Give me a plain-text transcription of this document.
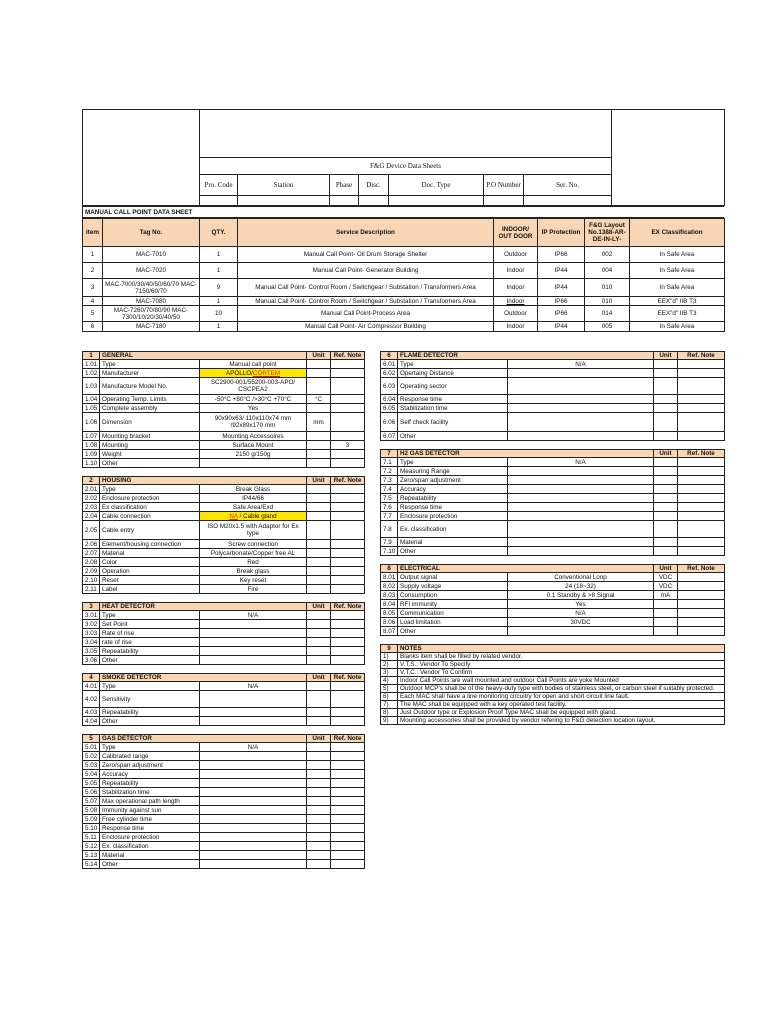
	F&G Device Data Sheets							
	Pro. Code	Station	Phase	Disc.	Doc. Type	P.O Number	Ser. No.	

MANUAL CALL POINT DATA SHEET
item	Tag No.	QTY.	Service Description	INDOOR/ OUT DOOR	IP Protection	F&G Layout No.1388-AR-DE-IN-LY-	EX Classification
1	MAC-7010	1	Manual Call Point- Oil Drum Storage Shelter	Outdoor	IP66	002	In Safe Area
2	MAC-7020	1	Manual Call Point- Generator Building	Indoor	IP44	004	In Safe Area
3	MAC-7000/30/40/50/60/70 MAC-7150/60/70	9	Manual Call Point- Control Room / Switchgear / Substation / Transformers Area	Indoor	IP44	010	In Safe Area
4	MAC-7080	1	Manual Call Point- Control Room / Switchgear / Substation / Transformers Area	Indoor	IP66	010	EEX"d" IIB T3
5	MAC-7260/70/80/90 MAC-7300/10/20/30/40/50	10	Manual Call Point-Process Area	Outdoor	IP66	014	EEX"d" IIB T3
6	MAC-7180	1	Manual Call Point- Air Compressor Building	Indoor	IP44	005	In Safe Area
1	GENERAL		Unit	Ref. Note
1.01	Type	Manual call point		
1.02	Manufacturer	APOLLO/CORTEM		
1.03	Manufacture Model No.	SC2900-001/55200-003-APO/ CSCPEA2		
1.04	Operating Temp. Limits	-50°C +80°C />30°C +70°C	°C	
1.05	Complete assembly	Yes		
1.06	Dimension	90x90x63/ 110x110x74 mm /92x89x170 mm	mm	
1.07	Mounting bracket	Mounting Accessoires		
1.08	Mounting	Surface Mount		3
1.09	Weight	2150 g/150g		
1.10	Other			

2	HOUSING		Unit	Ref. Note
2.01	Type	Break Glass		
2.02	Enclosure protection	IP44/66		
2.03	Ex classification	Safe Area/Exd		
2.04	Cable connection	NA / Cable gland		
2.05	Cable entry	ISO M20x1.5 with Adaptor for Ex type		
2.06	Element/housing connection	Screw connection		
2.07	Material	Polycarbonate/Copper free AL		
2.08	Color	Red		
2.09	Operation	Break glass		
2.10	Reset	Key reset		
2.11	Label	Fire		

3	HEAT DETECTOR		Unit	Ref. Note
3.01	Type	N/A		
3.02	Set Point			
3.03	Rate of rise			
3.04	rate of rise			
3.05	Repeatability			
3.06	Other			

4	SMOKE DETECTOR		Unit	Ref. Note
4.01	Type	N/A		
4.02	Sensitivity			
4.03	Repeatability			
4.04	Other			

5	GAS DETECTOR		Unit	Ref. Note
5.01	Type	N/A		
5.02	Calibrated range			
5.03	Zero/span adjustment			
5.04	Accuracy			
5.05	Repeatability			
5.06	Stabilization time			
5.07	Max operational path length			
5.08	Immunity against sun			
5.09	Free cylinder time			
5.10	Response time			
5.11	Enclosure protection			
5.12	Ex. classification			
5.13	Material			
5.14	Other			
6	FLAME DETECTOR		Unit	Ref. Note
6.01	Type	N/A		
6.02	Opertaing Distance			
6.03	Operating sector			
6.04	Response time			
6.05	Stabilization time			
6.06	Self check facility			
6.07	Other			

7	H2 GAS DETECTOR		Unit	Ref. Note
7.1	Type	N/A		
7.2	Measuring Range			
7.3	Zero/span adjustment			
7.4	Accuracy			
7.5	Repeatability			
7.6	Response time			
7.7	Enclosure protection			
7.8	Ex. classification			
7.9	Material			
7.10	Other			

8	ELECTRICAL		Unit	Ref. Note
8.01	Output signal	Conventional Loop	VDC	
8.02	Supply voltage	24 (18~32)	VDC	
8.03	Consumption	0.1 Standby & >8 Signal	mA	
8.04	RFI immunity	Yes		
8.05	Communication	N/A		
8.06	Load limitation	30VDC		
8.07	Other			

9	NOTES			
1)	Blanks item shall be filled by related vendor.			
2)	V.T.S.: Vendor To Specify			
3)	V.T.C.: Vendor To Confirm			
4)	Indoor Call Points are wall mounted and outdoor Call Points are yoke Mounted			
5)	Outdoor MCP's shall be of the heavy-duty type with bodies of stainless steel, or carbon steel if suitably protected.			
6)	Each MAC shall have a line monitoring circuitry for open and short circuit line fault.			
7)	The MAC shall be equipped with a key operated test facility.			
8)	Just Outdoor type or Explosion Proof Type MAC shall be equipped with gland.			
9)	Mounting accessories shall be provided by vendor refering to F&G detection location layout.			
